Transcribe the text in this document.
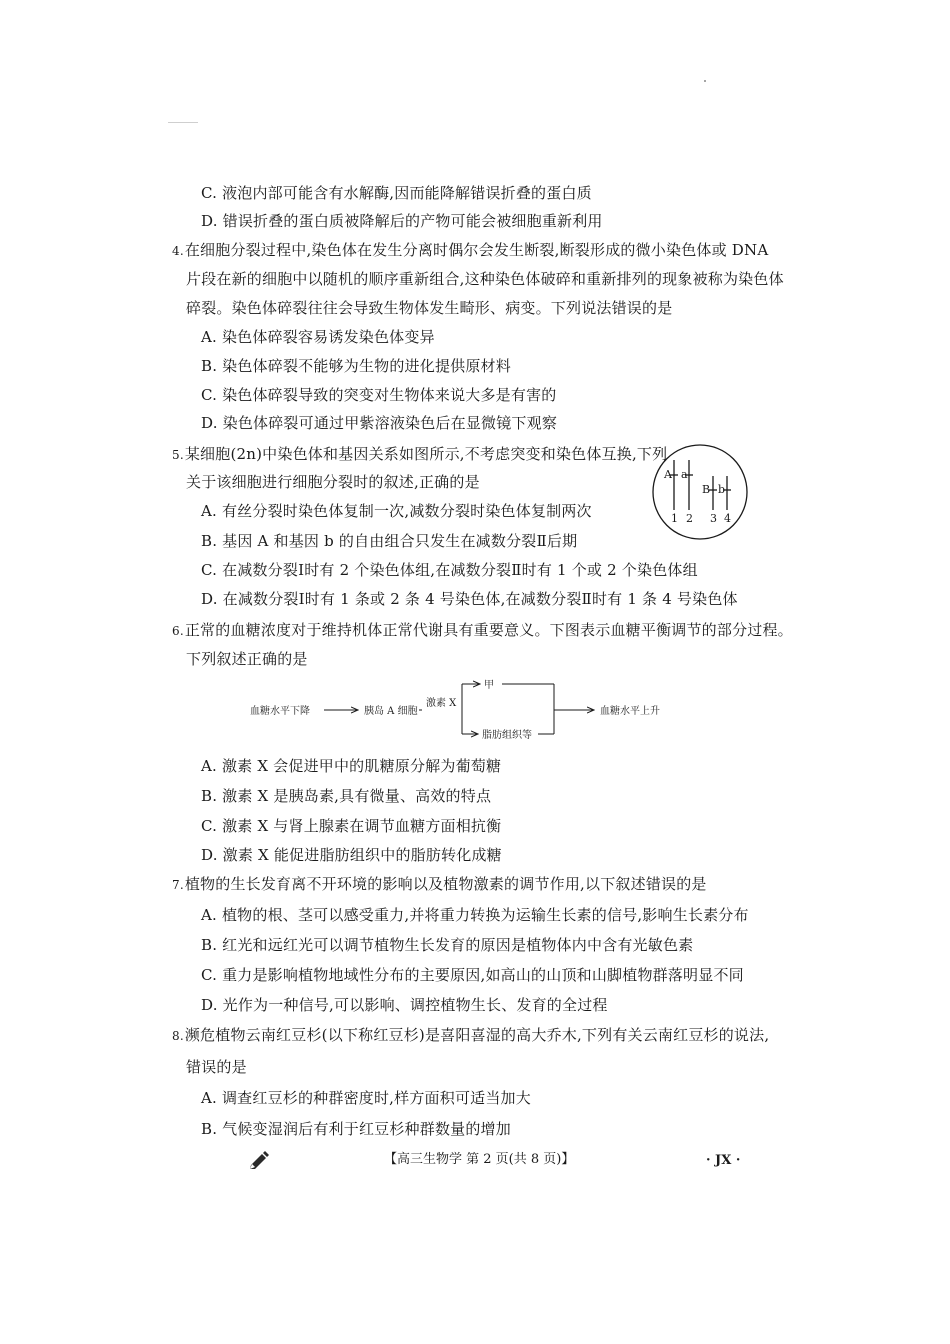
C. 液泡内部可能含有水解酶,因而能降解错误折叠的蛋白质
D. 错误折叠的蛋白质被降解后的产物可能会被细胞重新利用
4.在细胞分裂过程中,染色体在发生分离时偶尔会发生断裂,断裂形成的微小染色体或 DNA
片段在新的细胞中以随机的顺序重新组合,这种染色体破碎和重新排列的现象被称为染色体
碎裂。染色体碎裂往往会导致生物体发生畸形、病变。下列说法错误的是
A. 染色体碎裂容易诱发染色体变异
B. 染色体碎裂不能够为生物的进化提供原材料
C. 染色体碎裂导致的突变对生物体来说大多是有害的
D. 染色体碎裂可通过甲紫溶液染色后在显微镜下观察
5.某细胞(2n)中染色体和基因关系如图所示,不考虑突变和染色体互换,下列
关于该细胞进行细胞分裂时的叙述,正确的是
A. 有丝分裂时染色体复制一次,减数分裂时染色体复制两次
B. 基因 A 和基因 b 的自由组合只发生在减数分裂Ⅱ后期
C. 在减数分裂Ⅰ时有 2 个染色体组,在减数分裂Ⅱ时有 1 个或 2 个染色体组
D. 在减数分裂Ⅰ时有 1 条或 2 条 4 号染色体,在减数分裂Ⅱ时有 1 条 4 号染色体
A a
B b
1 2 3 4
6.正常的血糖浓度对于维持机体正常代谢具有重要意义。下图表示血糖平衡调节的部分过程。
下列叙述正确的是
血糖水平下降	胰岛 A 细胞
激素 X
甲
脂肪组织等
血糖水平上升
A. 激素 X 会促进甲中的肌糖原分解为葡萄糖
B. 激素 X 是胰岛素,具有微量、高效的特点
C. 激素 X 与肾上腺素在调节血糖方面相抗衡
D. 激素 X 能促进脂肪组织中的脂肪转化成糖
7.植物的生长发育离不开环境的影响以及植物激素的调节作用,以下叙述错误的是
A. 植物的根、茎可以感受重力,并将重力转换为运输生长素的信号,影响生长素分布
B. 红光和远红光可以调节植物生长发育的原因是植物体内中含有光敏色素
C. 重力是影响植物地域性分布的主要原因,如高山的山顶和山脚植物群落明显不同
D. 光作为一种信号,可以影响、调控植物生长、发育的全过程
8.濒危植物云南红豆杉(以下称红豆杉)是喜阳喜湿的高大乔木,下列有关云南红豆杉的说法,
错误的是
A. 调查红豆杉的种群密度时,样方面积可适当加大
B. 气候变湿润后有利于红豆杉种群数量的增加
【高三生物学 第 2 页(共 8 页)】	· JX ·
